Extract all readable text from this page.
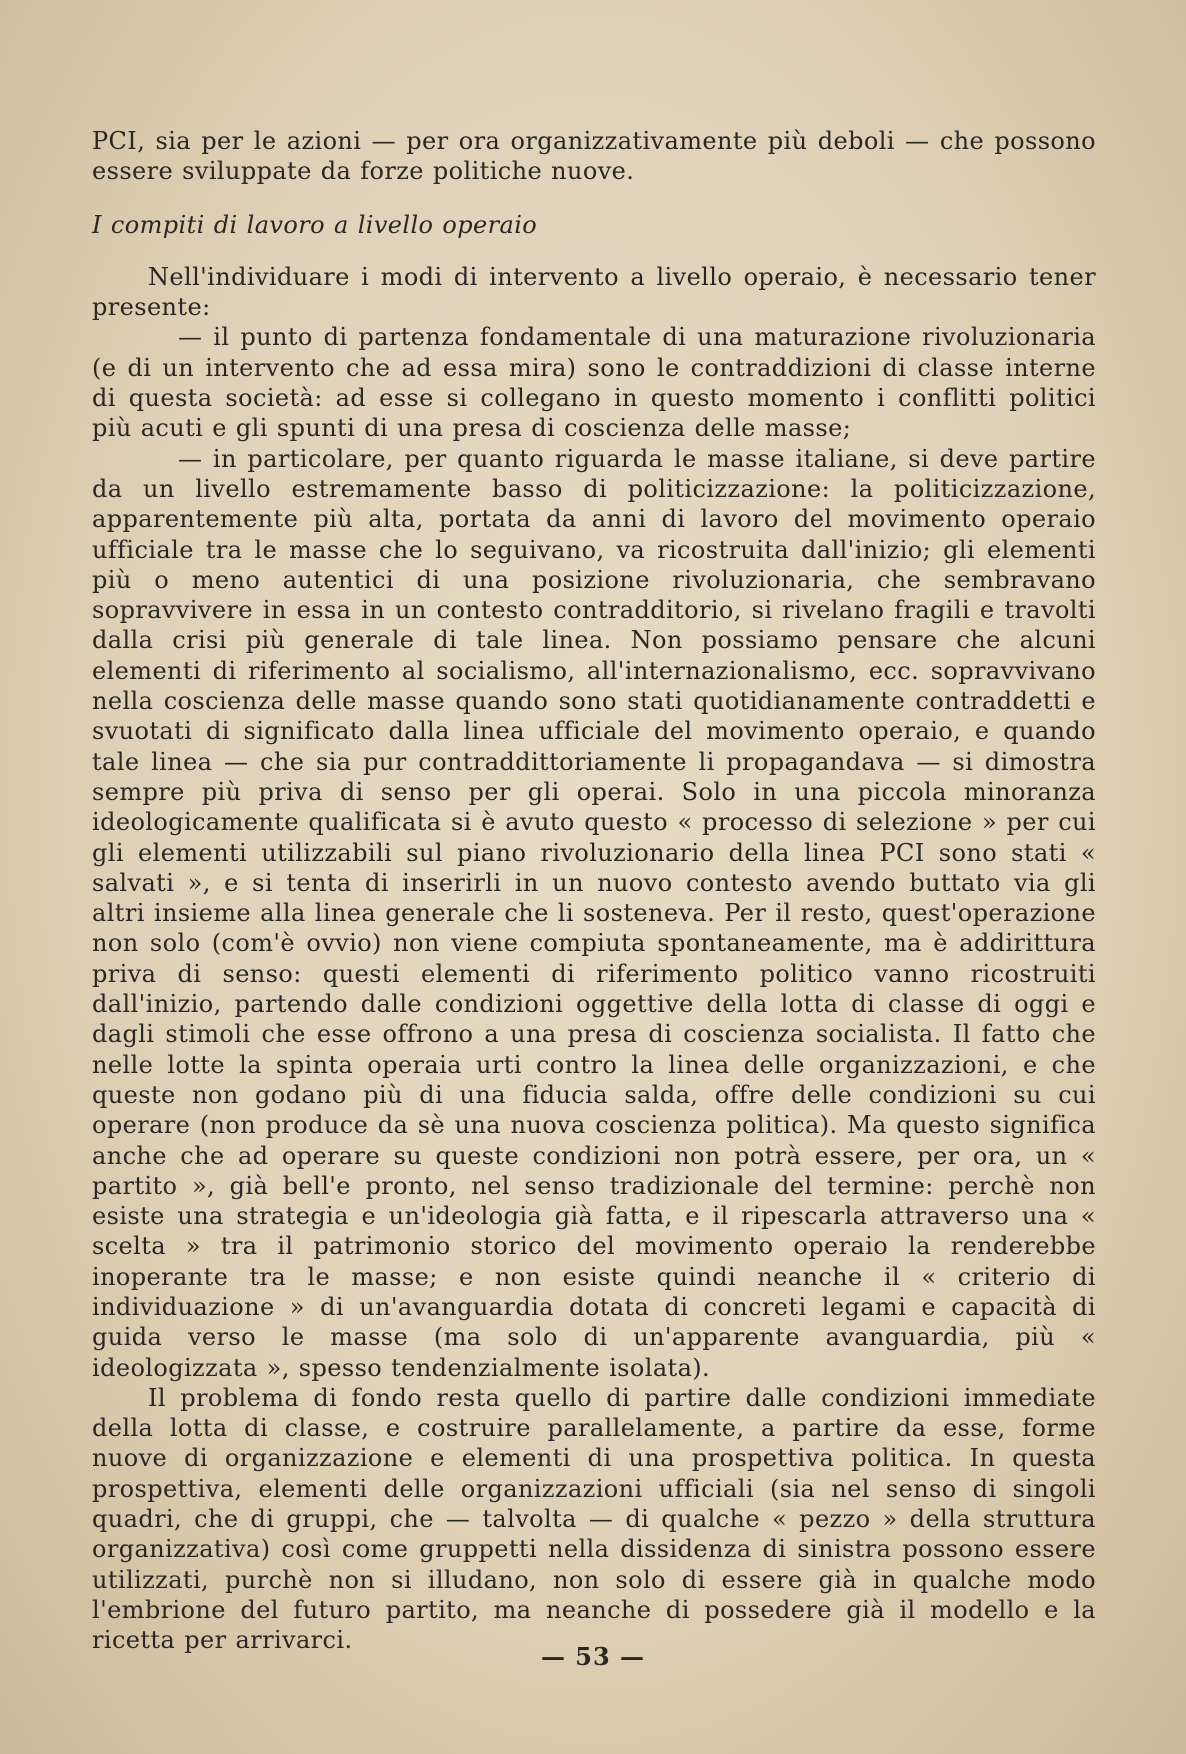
PCI, sia per le azioni — per ora organizzativamente più deboli — che possono essere sviluppate da forze politiche nuove.

I compiti di lavoro a livello operaio

Nell'individuare i modi di intervento a livello operaio, è necessario tener presente:

— il punto di partenza fondamentale di una maturazione rivoluzionaria (e di un intervento che ad essa mira) sono le contraddizioni di classe interne di questa società: ad esse si collegano in questo momento i conflitti politici più acuti e gli spunti di una presa di coscienza delle masse;

— in particolare, per quanto riguarda le masse italiane, si deve partire da un livello estremamente basso di politicizzazione: la politicizzazione, apparentemente più alta, portata da anni di lavoro del movimento operaio ufficiale tra le masse che lo seguivano, va ricostruita dall'inizio; gli elementi più o meno autentici di una posizione rivoluzionaria, che sembravano sopravvivere in essa in un contesto contradditorio, si rivelano fragili e travolti dalla crisi più generale di tale linea. Non possiamo pensare che alcuni elementi di riferimento al socialismo, all'internazionalismo, ecc. sopravvivano nella coscienza delle masse quando sono stati quotidianamente contraddetti e svuotati di significato dalla linea ufficiale del movimento operaio, e quando tale linea — che sia pur contraddittoriamente li propagandava — si dimostra sempre più priva di senso per gli operai. Solo in una piccola minoranza ideologicamente qualificata si è avuto questo « processo di selezione » per cui gli elementi utilizzabili sul piano rivoluzionario della linea PCI sono stati « salvati », e si tenta di inserirli in un nuovo contesto avendo buttato via gli altri insieme alla linea generale che li sosteneva. Per il resto, quest'operazione non solo (com'è ovvio) non viene compiuta spontaneamente, ma è addirittura priva di senso: questi elementi di riferimento politico vanno ricostruiti dall'inizio, partendo dalle condizioni oggettive della lotta di classe di oggi e dagli stimoli che esse offrono a una presa di coscienza socialista. Il fatto che nelle lotte la spinta operaia urti contro la linea delle organizzazioni, e che queste non godano più di una fiducia salda, offre delle condizioni su cui operare (non produce da sè una nuova coscienza politica). Ma questo significa anche che ad operare su queste condizioni non potrà essere, per ora, un « partito », già bell'e pronto, nel senso tradizionale del termine: perchè non esiste una strategia e un'ideologia già fatta, e il ripescarla attraverso una « scelta » tra il patrimonio storico del movimento operaio la renderebbe inoperante tra le masse; e non esiste quindi neanche il « criterio di individuazione » di un'avanguardia dotata di concreti legami e capacità di guida verso le masse (ma solo di un'apparente avanguardia, più « ideologizzata », spesso tendenzialmente isolata).

Il problema di fondo resta quello di partire dalle condizioni immediate della lotta di classe, e costruire parallelamente, a partire da esse, forme nuove di organizzazione e elementi di una prospettiva politica. In questa prospettiva, elementi delle organizzazioni ufficiali (sia nel senso di singoli quadri, che di gruppi, che — talvolta — di qualche « pezzo » della struttura organizzativa) così come gruppetti nella dissidenza di sinistra possono essere utilizzati, purchè non si illudano, non solo di essere già in qualche modo l'embrione del futuro partito, ma neanche di possedere già il modello e la ricetta per arrivarci.

— 53 —
